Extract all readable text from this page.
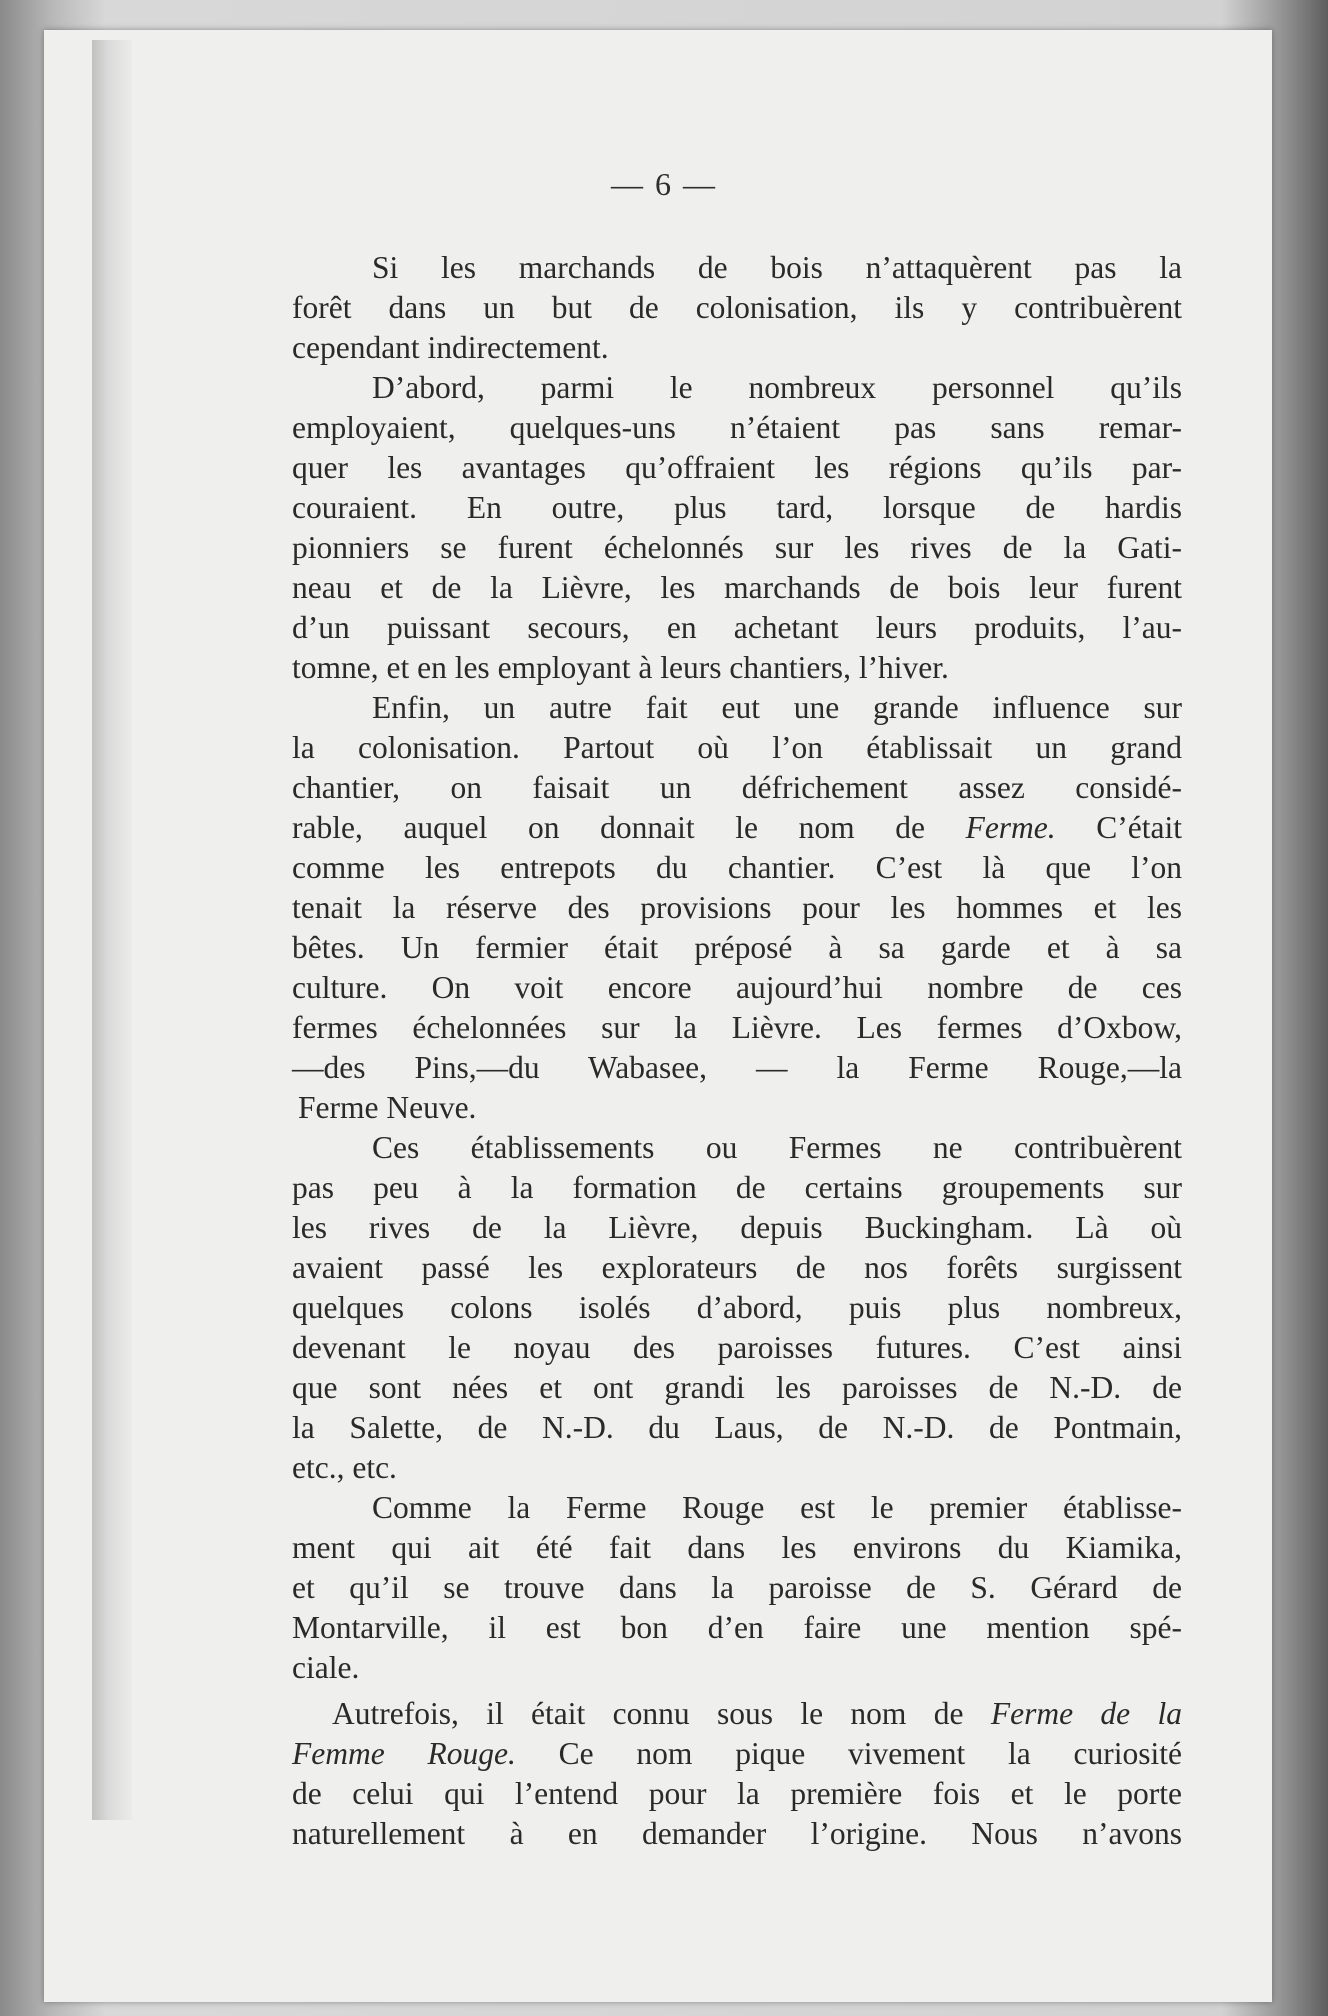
— 6 —
Si les marchands de bois n’attaquèrent pas la
forêt dans un but de colonisation, ils y contribuèrent
cependant indirectement.
D’abord, parmi le nombreux personnel qu’ils
employaient, quelques-uns n’étaient pas sans remar-
quer les avantages qu’offraient les régions qu’ils par-
couraient. En outre, plus tard, lorsque de hardis
pionniers se furent échelonnés sur les rives de la Gati-
neau et de la Lièvre, les marchands de bois leur furent
d’un puissant secours, en achetant leurs produits, l’au-
tomne, et en les employant à leurs chantiers, l’hiver.
Enfin, un autre fait eut une grande influence sur
la colonisation. Partout où l’on établissait un grand
chantier, on faisait un défrichement assez considé-
rable, auquel on donnait le nom de Ferme. C’était
comme les entrepots du chantier. C’est là que l’on
tenait la réserve des provisions pour les hommes et les
bêtes. Un fermier était préposé à sa garde et à sa
culture. On voit encore aujourd’hui nombre de ces
fermes échelonnées sur la Lièvre. Les fermes d’Oxbow,
—des Pins,—du Wabasee, — la Ferme Rouge,—la
Ferme Neuve.
Ces établissements ou Fermes ne contribuèrent
pas peu à la formation de certains groupements sur
les rives de la Lièvre, depuis Buckingham. Là où
avaient passé les explorateurs de nos forêts surgissent
quelques colons isolés d’abord, puis plus nombreux,
devenant le noyau des paroisses futures. C’est ainsi
que sont nées et ont grandi les paroisses de N.-D. de
la Salette, de N.-D. du Laus, de N.-D. de Pontmain,
etc., etc.
Comme la Ferme Rouge est le premier établisse-
ment qui ait été fait dans les environs du Kiamika,
et qu’il se trouve dans la paroisse de S. Gérard de
Montarville, il est bon d’en faire une mention spé-
ciale.
Autrefois, il était connu sous le nom de Ferme de la
Femme Rouge. Ce nom pique vivement la curiosité
de celui qui l’entend pour la première fois et le porte
naturellement à en demander l’origine. Nous n’avons
